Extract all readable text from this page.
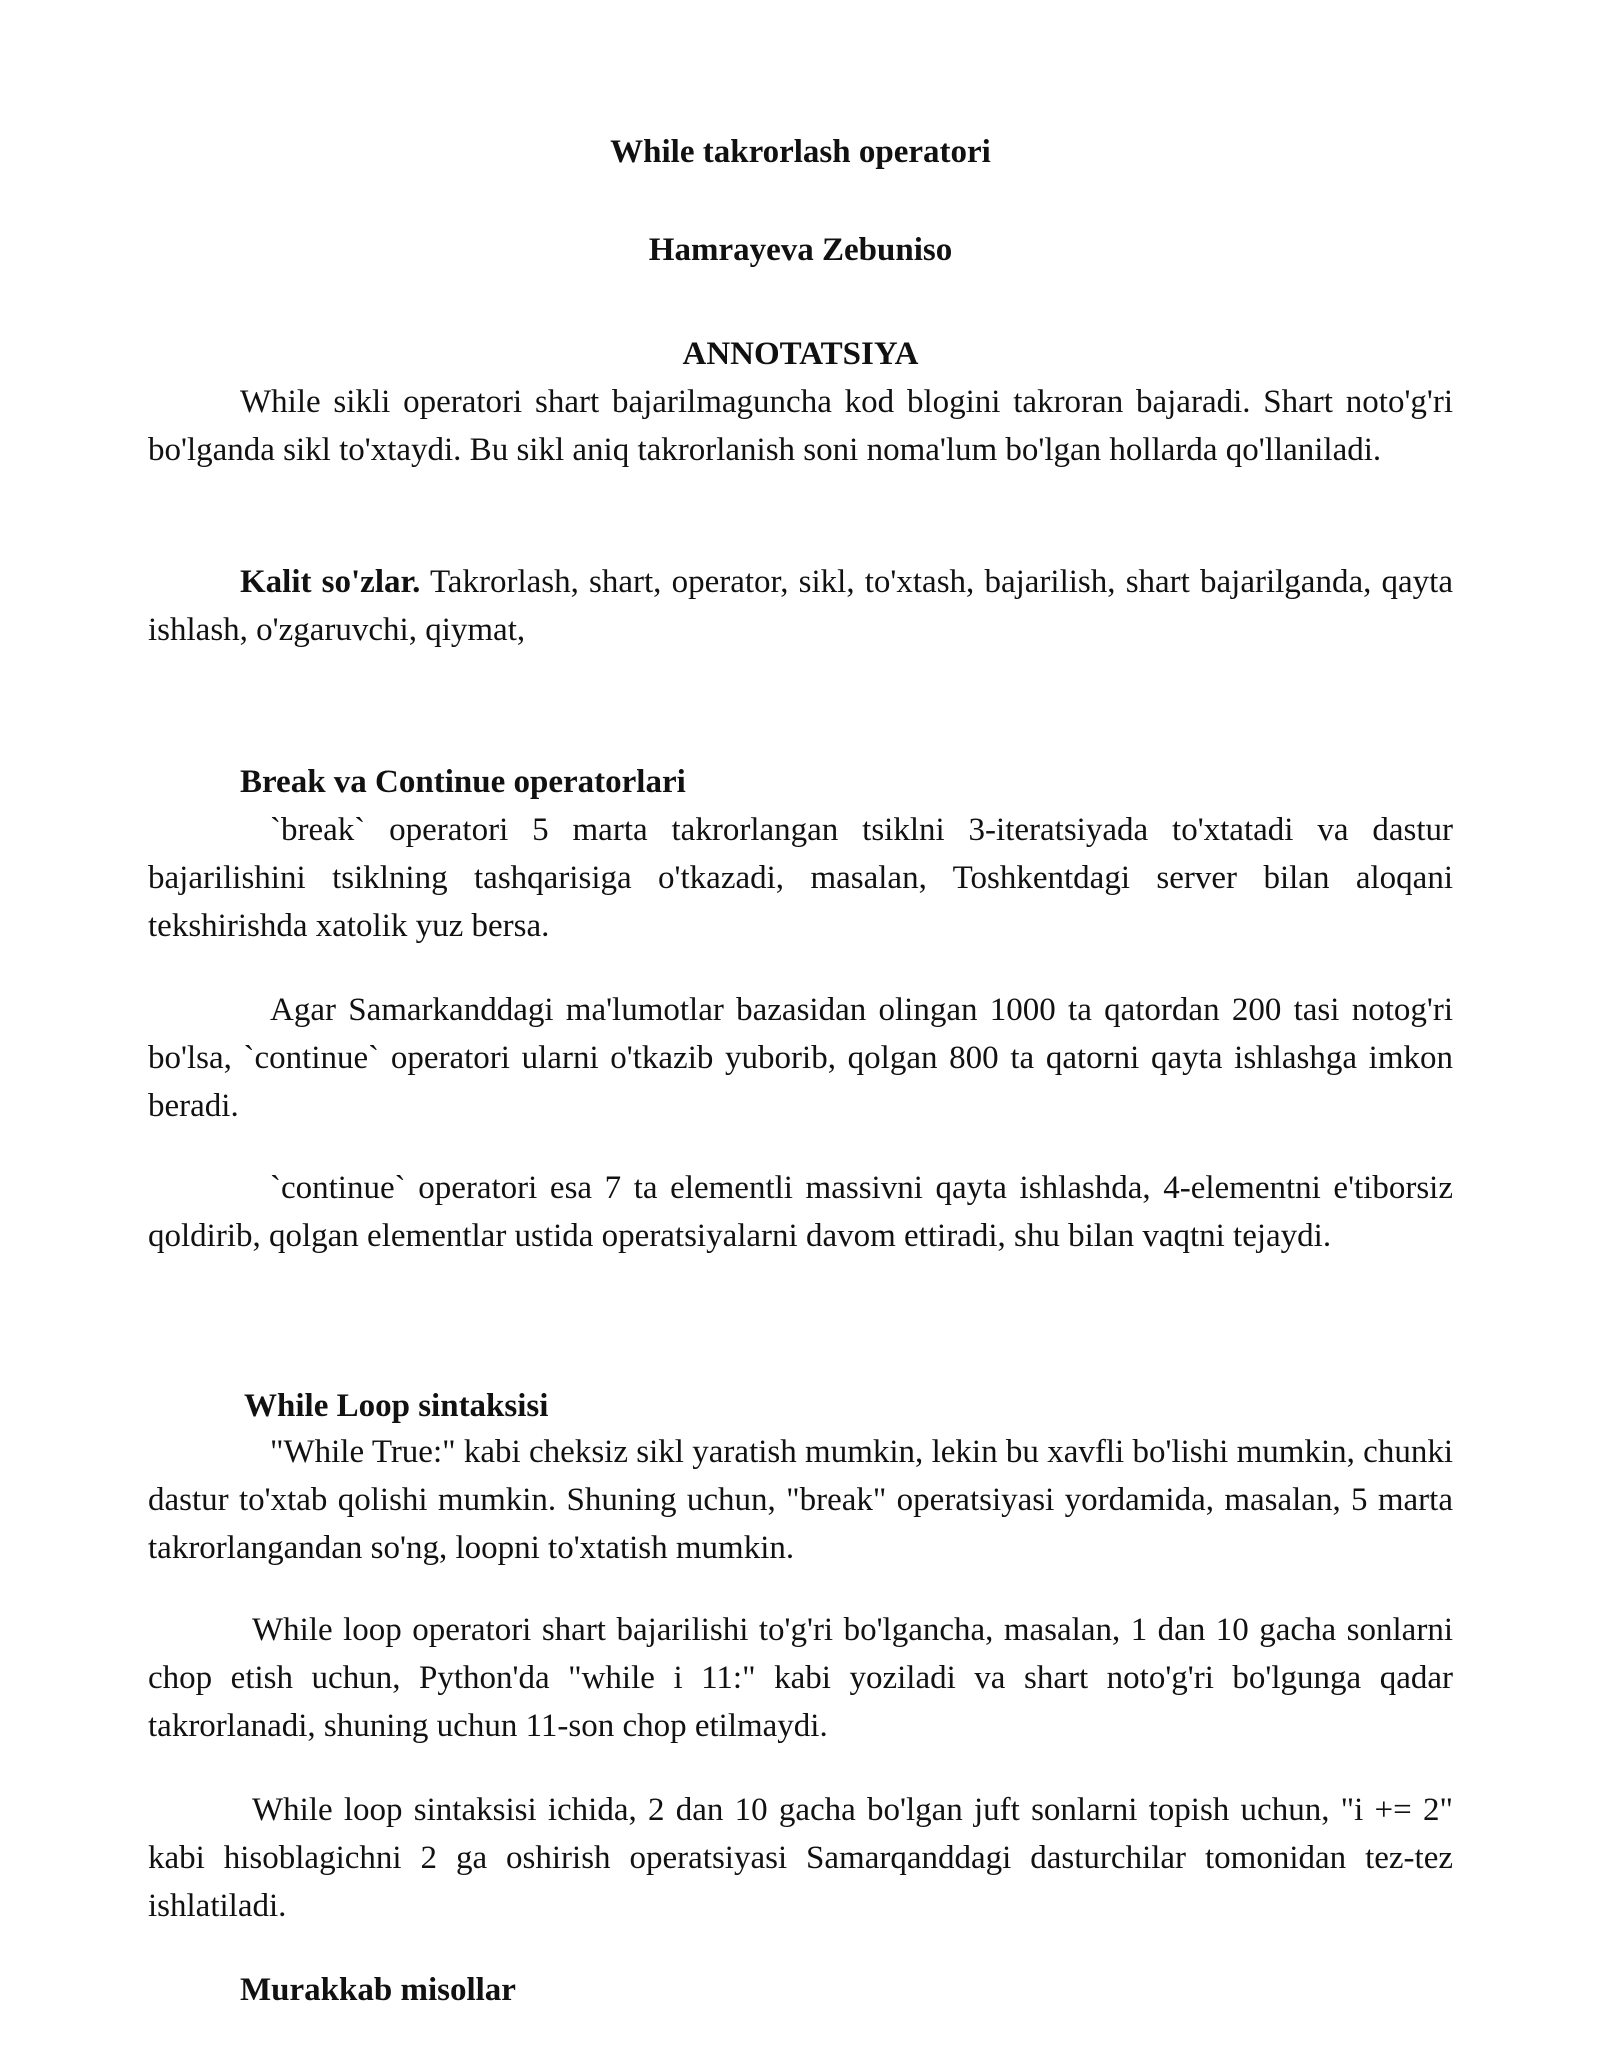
While takrorlash operatori
Hamrayeva Zebuniso
ANNOTATSIYA
While sikli operatori shart bajarilmaguncha kod blogini takroran bajaradi. Shart noto'g'ri bo'lganda sikl to'xtaydi. Bu sikl aniq takrorlanish soni noma'lum bo'lgan hollarda qo'llaniladi.
Kalit so'zlar. Takrorlash, shart, operator, sikl, to'xtash, bajarilish, shart bajarilganda, qayta ishlash, o'zgaruvchi, qiymat,
Break va Continue operatorlari
`break` operatori 5 marta takrorlangan tsiklni 3-iteratsiyada to'xtatadi va dastur bajarilishini tsiklning tashqarisiga o'tkazadi, masalan, Toshkentdagi server bilan aloqani tekshirishda xatolik yuz bersa.
Agar Samarkanddagi ma'lumotlar bazasidan olingan 1000 ta qatordan 200 tasi notog'ri bo'lsa, `continue` operatori ularni o'tkazib yuborib, qolgan 800 ta qatorni qayta ishlashga imkon beradi.
`continue` operatori esa 7 ta elementli massivni qayta ishlashda, 4-elementni e'tiborsiz qoldirib, qolgan elementlar ustida operatsiyalarni davom ettiradi, shu bilan vaqtni tejaydi.
While Loop sintaksisi
"While True:" kabi cheksiz sikl yaratish mumkin, lekin bu xavfli bo'lishi mumkin, chunki dastur to'xtab qolishi mumkin. Shuning uchun, "break" operatsiyasi yordamida, masalan, 5 marta takrorlangandan so'ng, loopni to'xtatish mumkin.
While loop operatori shart bajarilishi to'g'ri bo'lgancha, masalan, 1 dan 10 gacha sonlarni chop etish uchun, Python'da "while i 11:" kabi yoziladi va shart noto'g'ri bo'lgunga qadar takrorlanadi, shuning uchun 11-son chop etilmaydi.
While loop sintaksisi ichida, 2 dan 10 gacha bo'lgan juft sonlarni topish uchun, "i += 2" kabi hisoblagichni 2 ga oshirish operatsiyasi Samarqanddagi dasturchilar tomonidan tez-tez ishlatiladi.
Murakkab misollar
